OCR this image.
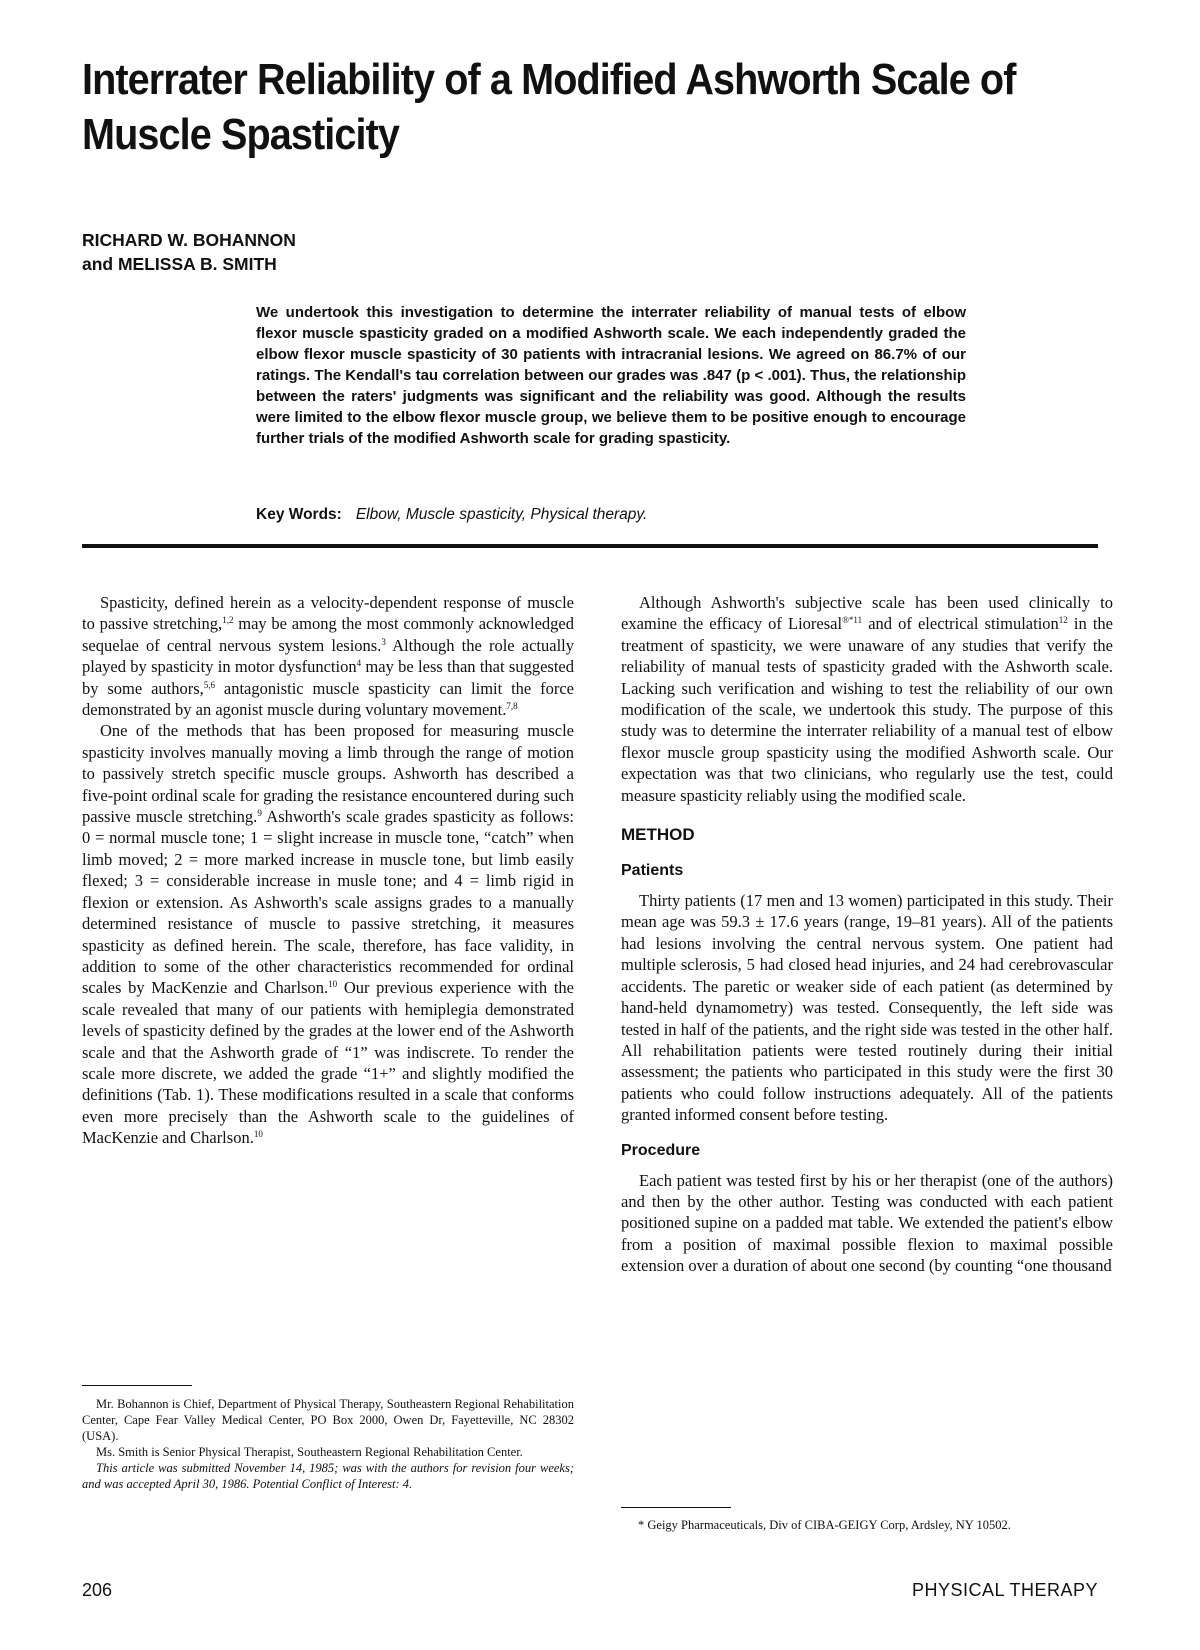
Interrater Reliability of a Modified Ashworth Scale of Muscle Spasticity
RICHARD W. BOHANNON
and MELISSA B. SMITH

We undertook this investigation to determine the interrater reliability of manual tests of elbow flexor muscle spasticity graded on a modified Ashworth scale. We each independently graded the elbow flexor muscle spasticity of 30 patients with intracranial lesions. We agreed on 86.7% of our ratings. The Kendall's tau correlation between our grades was .847 (p < .001). Thus, the relationship between the raters' judgments was significant and the reliability was good. Although the results were limited to the elbow flexor muscle group, we believe them to be positive enough to encourage further trials of the modified Ashworth scale for grading spasticity.

Key Words: Elbow, Muscle spasticity, Physical therapy.

Spasticity, defined herein as a velocity-dependent response of muscle to passive stretching,$^{1,2}$ may be among the most commonly acknowledged sequelae of central nervous system lesions.$^3$ Although the role actually played by spasticity in motor dysfunction$^4$ may be less than that suggested by some authors,$^{5,6}$ antagonistic muscle spasticity can limit the force demonstrated by an agonist muscle during voluntary movement.$^{7,8}$

One of the methods that has been proposed for measuring muscle spasticity involves manually moving a limb through the range of motion to passively stretch specific muscle groups. Ashworth has described a five-point ordinal scale for grading the resistance encountered during such passive muscle stretching.$^9$ Ashworth's scale grades spasticity as follows: 0 = normal muscle tone; 1 = slight increase in muscle tone, “catch” when limb moved; 2 = more marked increase in muscle tone, but limb easily flexed; 3 = considerable increase in musle tone; and 4 = limb rigid in flexion or extension. As Ashworth's scale assigns grades to a manually determined resistance of muscle to passive stretching, it measures spasticity as defined herein. The scale, therefore, has face validity, in addition to some of the other characteristics recommended for ordinal scales by MacKenzie and Charlson.$^{10}$ Our previous experience with the scale revealed that many of our patients with hemiplegia demonstrated levels of spasticity defined by the grades at the lower end of the Ashworth scale and that the Ashworth grade of “1” was indiscrete. To render the scale more discrete, we added the grade “1+” and slightly modified the definitions (Tab. 1). These modifications resulted in a scale that conforms even more precisely than the Ashworth scale to the guidelines of MacKenzie and Charlson.$^{10}$

Although Ashworth's subjective scale has been used clinically to examine the efficacy of Lioresal$^{®*11}$ and of electrical stimulation$^{12}$ in the treatment of spasticity, we were unaware of any studies that verify the reliability of manual tests of spasticity graded with the Ashworth scale. Lacking such verification and wishing to test the reliability of our own modification of the scale, we undertook this study. The purpose of this study was to determine the interrater reliability of a manual test of elbow flexor muscle group spasticity using the modified Ashworth scale. Our expectation was that two clinicians, who regularly use the test, could measure spasticity reliably using the modified scale.

METHOD
Patients

Thirty patients (17 men and 13 women) participated in this study. Their mean age was 59.3 ± 17.6 years (range, 19–81 years). All of the patients had lesions involving the central nervous system. One patient had multiple sclerosis, 5 had closed head injuries, and 24 had cerebrovascular accidents. The paretic or weaker side of each patient (as determined by hand-held dynamometry) was tested. Consequently, the left side was tested in half of the patients, and the right side was tested in the other half. All rehabilitation patients were tested routinely during their initial assessment; the patients who participated in this study were the first 30 patients who could follow instructions adequately. All of the patients granted informed consent before testing.

Procedure

Each patient was tested first by his or her therapist (one of the authors) and then by the other author. Testing was conducted with each patient positioned supine on a padded mat table. We extended the patient's elbow from a position of maximal possible flexion to maximal possible extension over a duration of about one second (by counting “one thousand

Mr. Bohannon is Chief, Department of Physical Therapy, Southeastern Regional Rehabilitation Center, Cape Fear Valley Medical Center, PO Box 2000, Owen Dr, Fayetteville, NC 28302 (USA).

Ms. Smith is Senior Physical Therapist, Southeastern Regional Rehabilitation Center.

This article was submitted November 14, 1985; was with the authors for revision four weeks; and was accepted April 30, 1986. Potential Conflict of Interest: 4.

* Geigy Pharmaceuticals, Div of CIBA-GEIGY Corp, Ardsley, NY 10502.
206	PHYSICAL THERAPY
